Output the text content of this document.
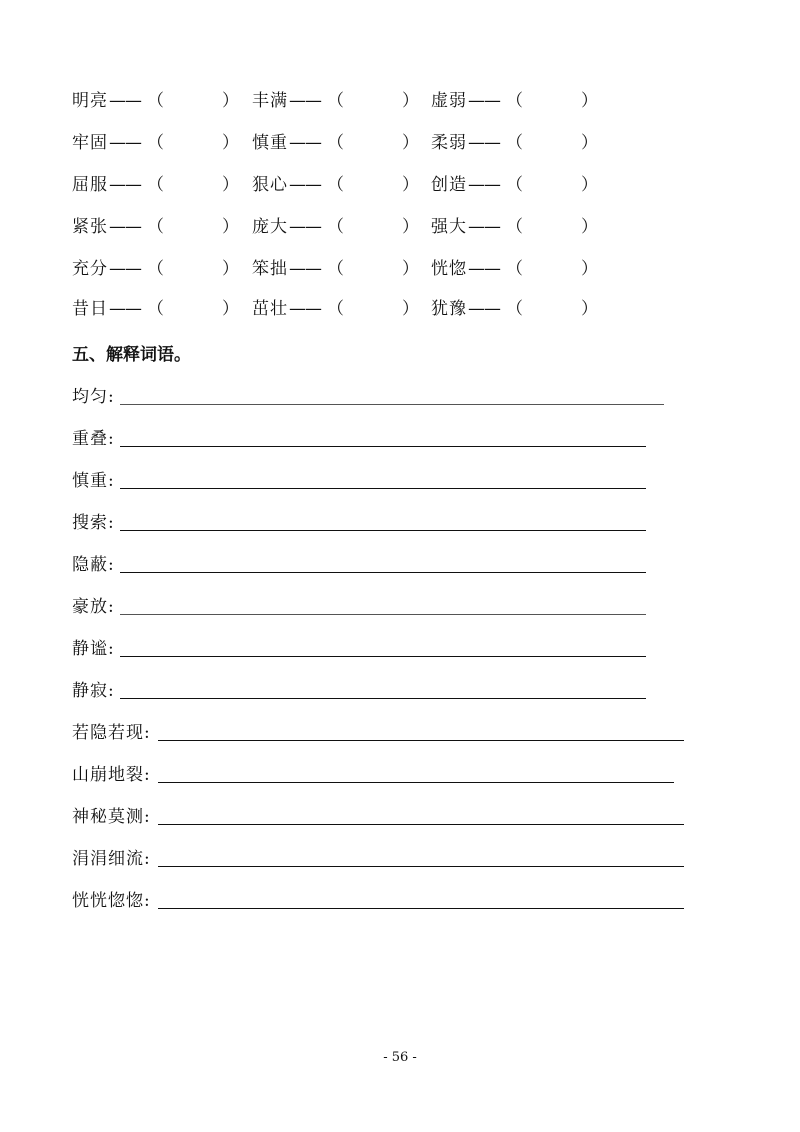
明亮—— （	） 丰满—— （	） 虚弱—— （	）
牢固—— （	） 慎重—— （	） 柔弱—— （	）
屈服—— （	） 狠心—— （	） 创造—— （	）
紧张—— （	） 庞大—— （	） 强大—— （	）
充分—— （	） 笨拙—— （	） 恍惚—— （	）
昔日—— （	） 茁壮—— （	） 犹豫—— （	）
五、解释词语。
均匀:
重叠:
慎重:
搜索:
隐蔽:
豪放:
静谧:
静寂:
若隐若现:
山崩地裂:
神秘莫测:
涓涓细流:
恍恍惚惚:
- 56 -
